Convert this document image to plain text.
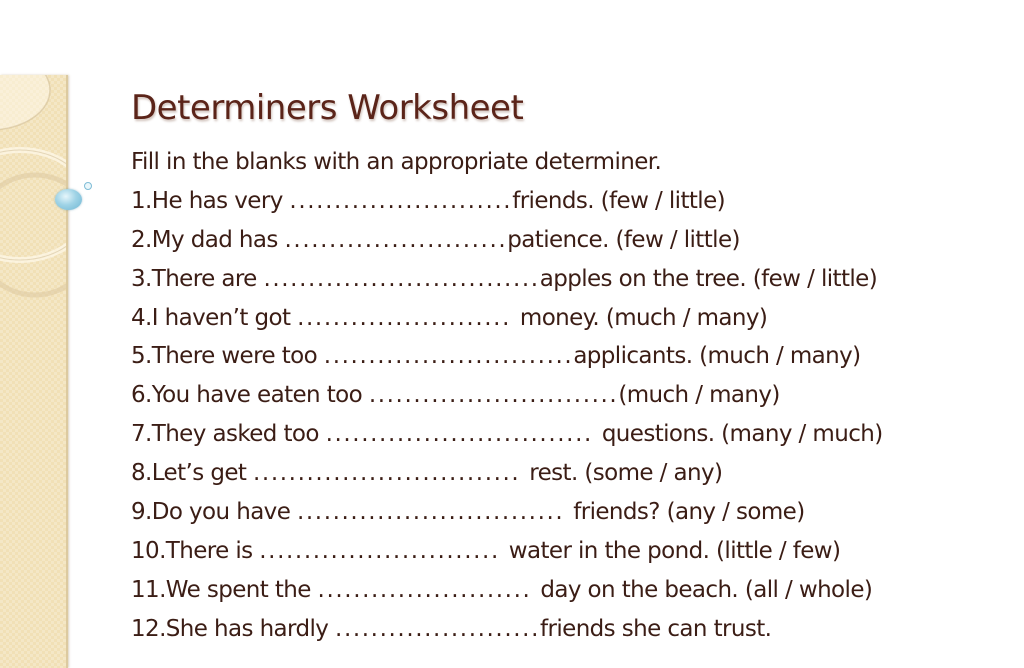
Determiners Worksheet
Fill in the blanks with an appropriate determiner.
1.He has very .........................friends. (few / little)
2.My dad has .........................patience. (few / little)
3.There are ...............................apples on the tree. (few / little)
4.I haven’t got ........................ money. (much / many)
5.There were too ............................applicants. (much / many)
6.You have eaten too ............................(much / many)
7.They asked too .............................. questions. (many / much)
8.Let’s get .............................. rest. (some / any)
9.Do you have .............................. friends? (any / some)
10.There is ........................... water in the pond. (little / few)
11.We spent the ........................ day on the beach. (all / whole)
12.She has hardly .......................friends she can trust.
